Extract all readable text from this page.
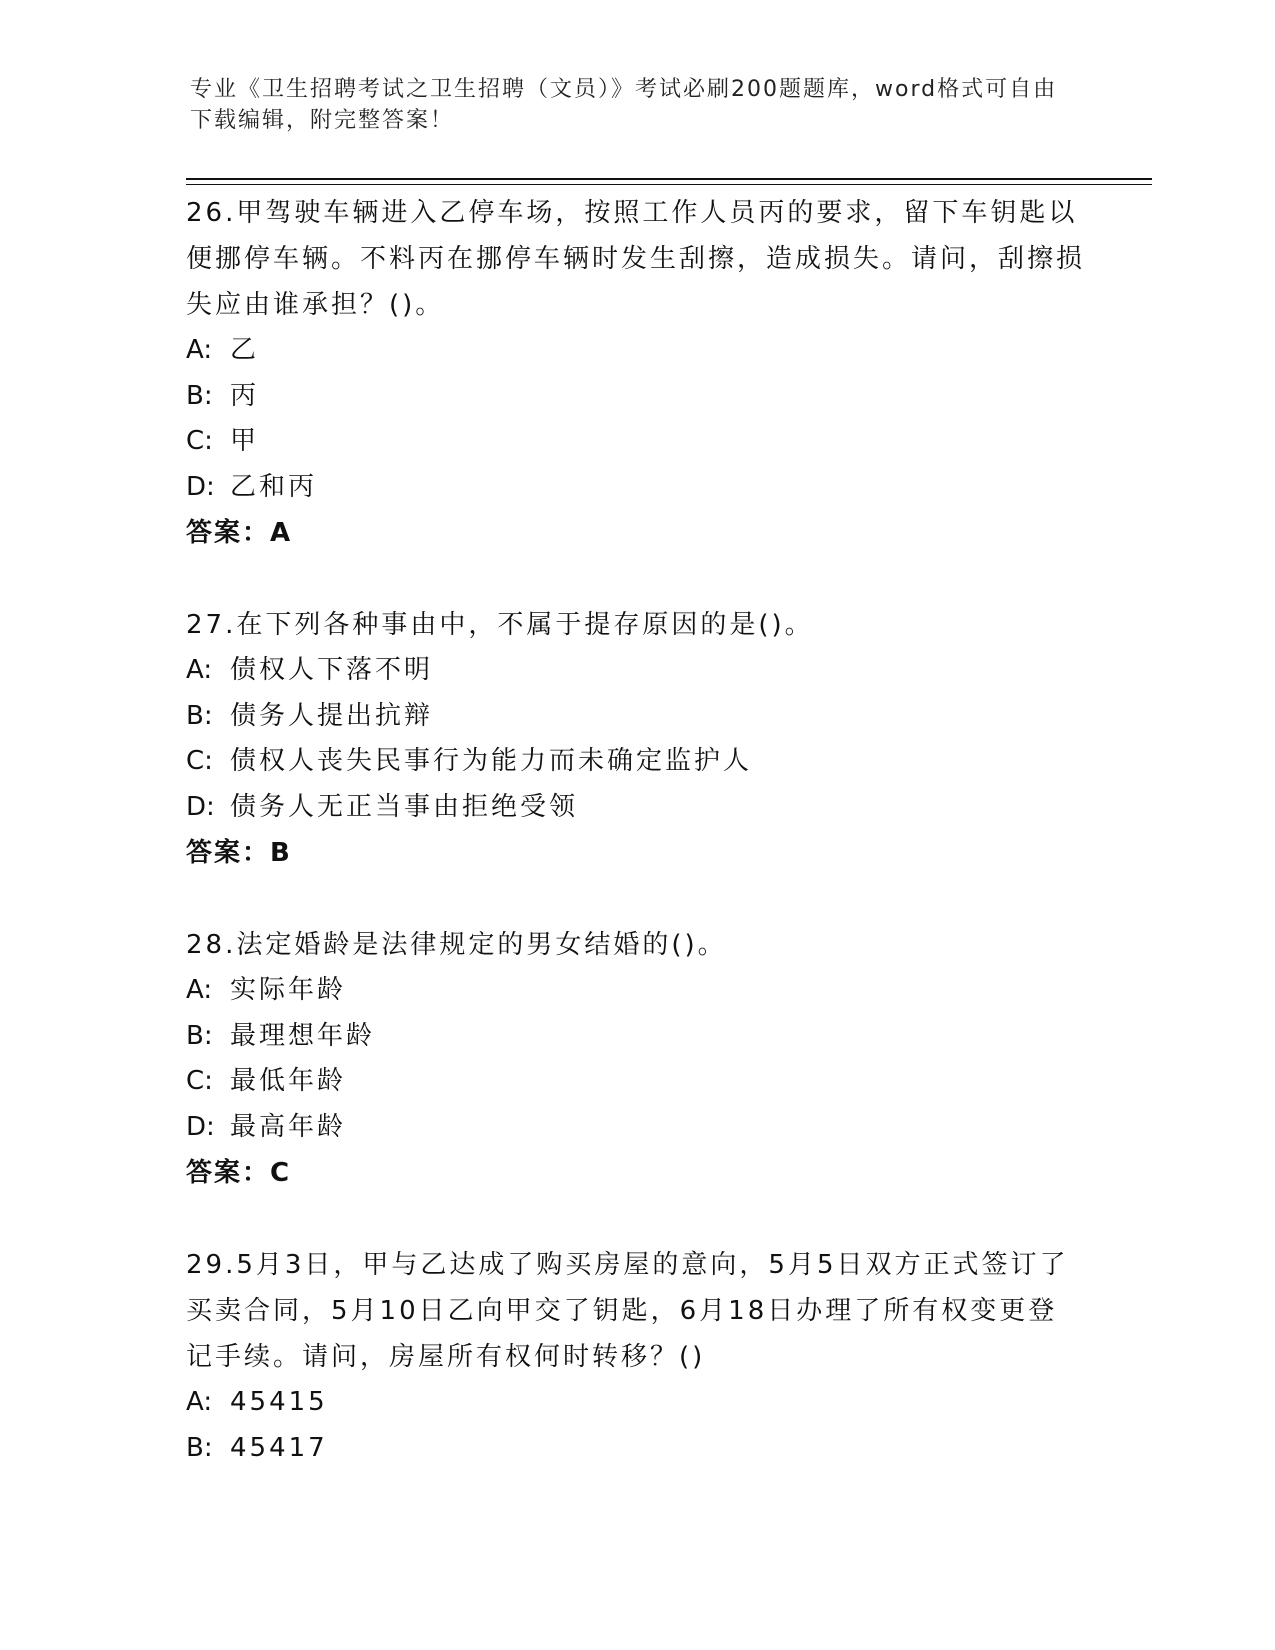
专业《卫生招聘考试之卫生招聘（文员）》考试必刷200题题库，word格式可自由下载编辑，附完整答案！

26.甲驾驶车辆进入乙停车场，按照工作人员丙的要求，留下车钥匙以便挪停车辆。不料丙在挪停车辆时发生刮擦，造成损失。请问，刮擦损失应由谁承担？()。

A: 乙

B: 丙

C: 甲

D: 乙和丙

答案：A

27.在下列各种事由中，不属于提存原因的是()。

A: 债权人下落不明

B: 债务人提出抗辩

C: 债权人丧失民事行为能力而未确定监护人

D: 债务人无正当事由拒绝受领

答案：B

28.法定婚龄是法律规定的男女结婚的()。

A: 实际年龄

B: 最理想年龄

C: 最低年龄

D: 最高年龄

答案：C

29.5月3日，甲与乙达成了购买房屋的意向，5月5日双方正式签订了买卖合同，5月10日乙向甲交了钥匙，6月18日办理了所有权变更登记手续。请问，房屋所有权何时转移？()

A: 45415

B: 45417
